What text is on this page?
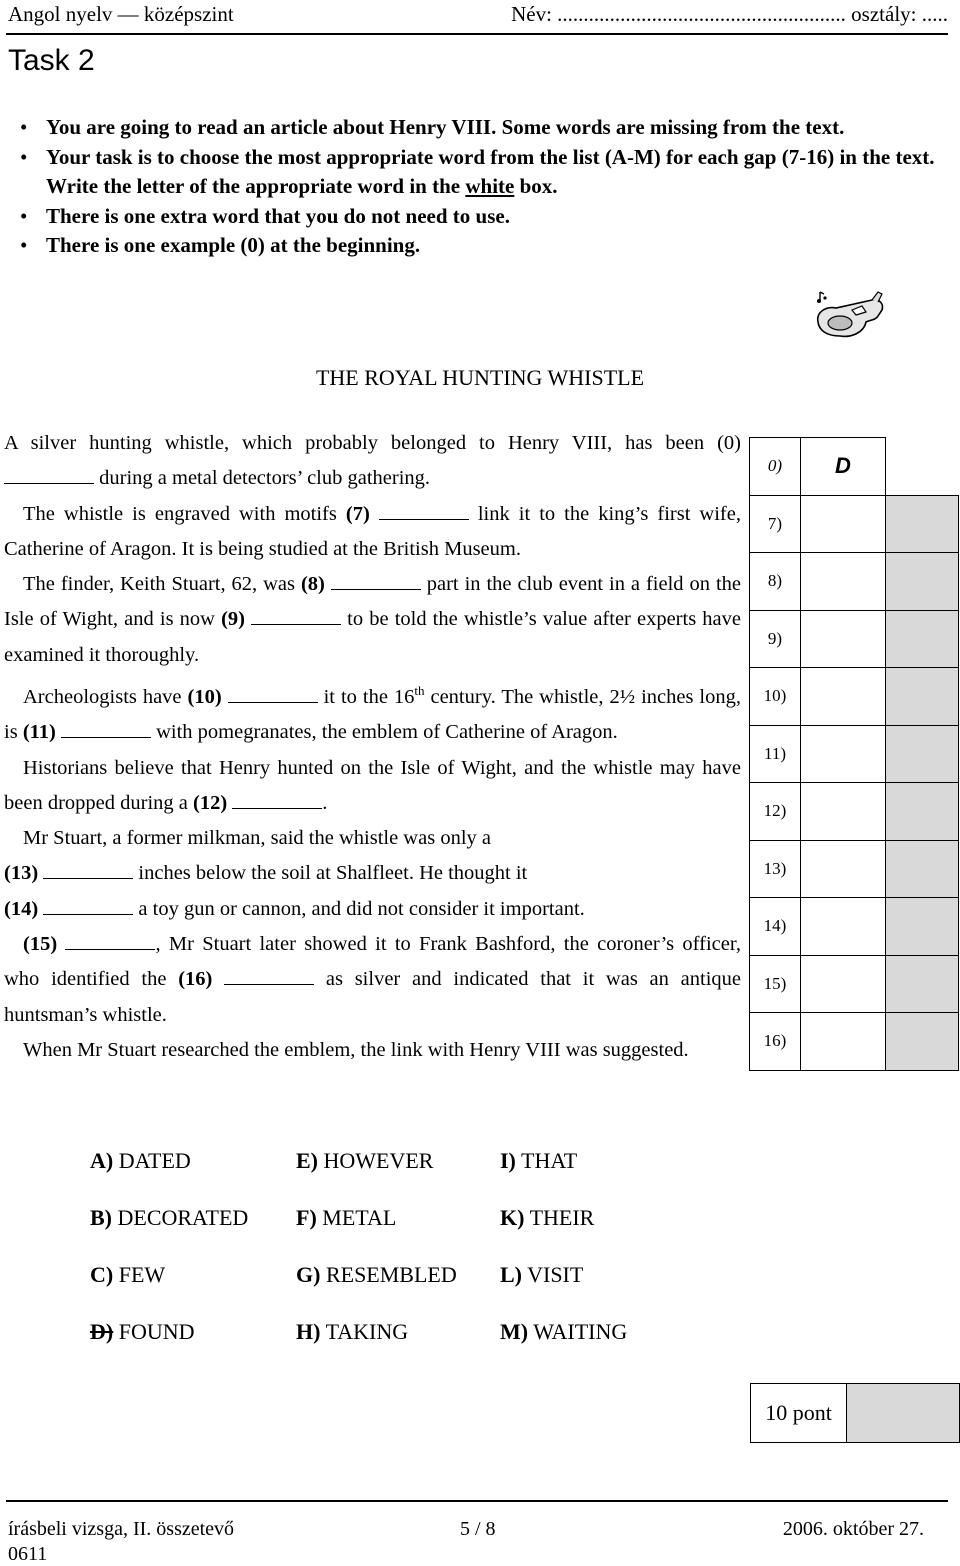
Angol nyelv — középszint	Név: ....................................................... osztály: .....
Task 2
• You are going to read an article about Henry VIII. Some words are missing from the text.
• Your task is to choose the most appropriate word from the list (A-M) for each gap (7-16) in the text. Write the letter of the appropriate word in the white box.
• There is one extra word that you do not need to use.
• There is one example (0) at the beginning.
THE ROYAL HUNTING WHISTLE

A silver hunting whistle, which probably belonged to Henry VIII, has been (0)  during a metal detectors’ club gathering.

The whistle is engraved with motifs (7)	link it to the king’s first wife, Catherine of Aragon. It is being studied at the British Museum.

The finder, Keith Stuart, 62, was (8)	part in the club event in a field on the Isle of Wight, and is now (9)	to be told the whistle’s value after experts have examined it thoroughly.

Archeologists have (10)	it to the 16th century. The whistle, 2½ inches long, is (11)	with pomegranates, the emblem of Catherine of Aragon.

Historians believe that Henry hunted on the Isle of Wight, and the whistle may have been dropped during a (12)	.

Mr Stuart, a former milkman, said the whistle was only a
(13)	inches below the soil at Shalfleet. He thought it
(14)	a toy gun or cannon, and did not consider it important.

(15)	, Mr Stuart later showed it to Frank Bashford, the coroner’s officer, who identified the (16)	as silver and indicated that it was an antique huntsman’s whistle.

When Mr Stuart researched the emblem, the link with Henry VIII was suggested.

0)	D	
7)		
8)		
9)		
10)		
11)		
12)		
13)		
14)		
15)		
16)		
A) DATED
B) DECORATED
C) FEW
D) FOUND
E) HOWEVER
F) METAL
G) RESEMBLED
H) TAKING
I) THAT
K) THEIR
L) VISIT
M) WAITING
10 pont	
írásbeli vizsga, II. összetevő
0611
5 / 8	2006. október 27.
